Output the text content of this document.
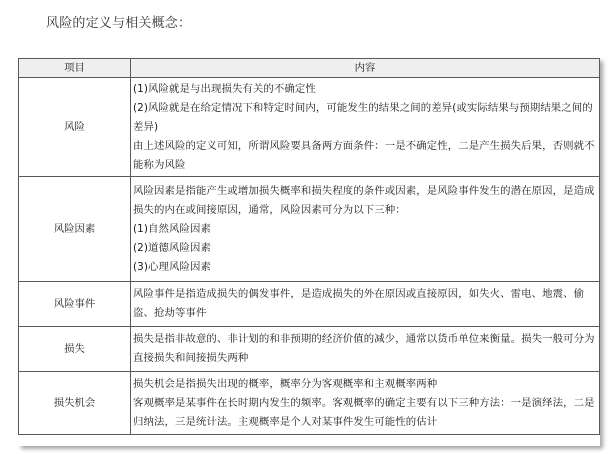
风险的定义与相关概念：
项目	内容
风险	(1)风险就是与出现损失有关的不确定性
(2)风险就是在给定情况下和特定时间内，可能发生的结果之间的差异(或实际结果与预期结果之间的差异)
由上述风险的定义可知，所谓风险要具备两方面条件：一是不确定性，二是产生损失后果，否则就不能称为风险

风险因素	风险因素是指能产生或增加损失概率和损失程度的条件或因素，是风险事件发生的潜在原因，是造成损失的内在或间接原因，通常，风险因素可分为以下三种：
(1)自然风险因素
(2)道德风险因素
(3)心理风险因素

风险事件	风险事件是指造成损失的偶发事件，是造成损失的外在原因或直接原因，如失火、雷电、地震、偷盗、抢劫等事件

损失	损失是指非故意的、非计划的和非预期的经济价值的减少，通常以货币单位来衡量。损失一般可分为直接损失和间接损失两种

损失机会	损失机会是指损失出现的概率，概率分为客观概率和主观概率两种
客观概率是某事件在长时期内发生的频率。客观概率的确定主要有以下三种方法：一是演绎法，二是归纳法，三是统计法。主观概率是个人对某事件发生可能性的估计
